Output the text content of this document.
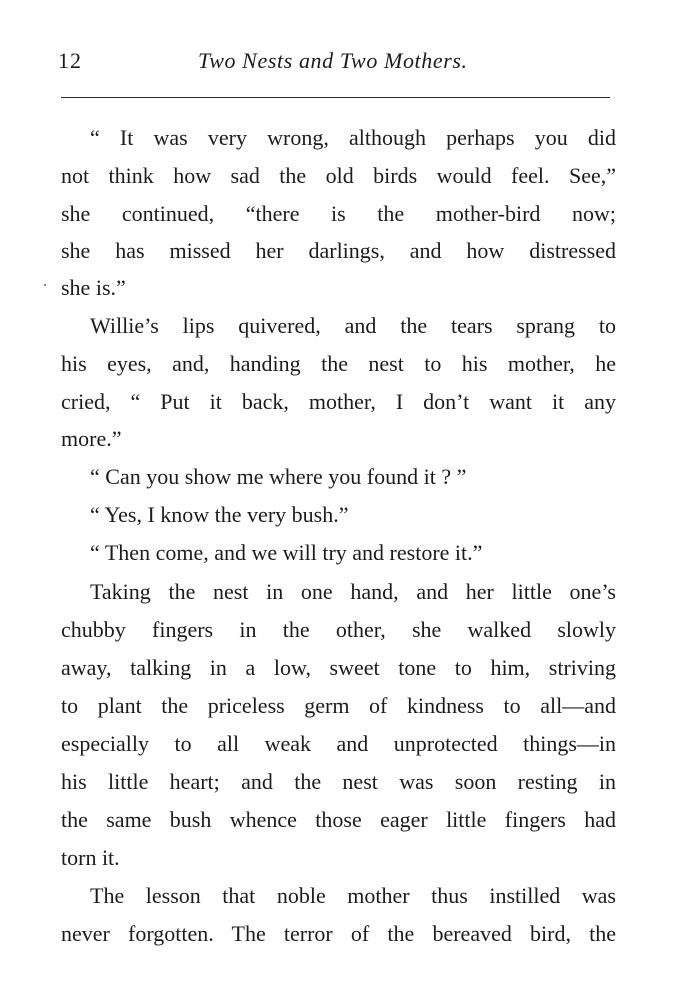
12	Two Nests and Two Mothers.
“ It was very wrong, although perhaps you did
not think how sad the old birds would feel. See,”
she continued, “there is the mother-bird now;
she has missed her darlings, and how distressed
she is.”
Willie’s lips quivered, and the tears sprang to
his eyes, and, handing the nest to his mother, he
cried, “ Put it back, mother, I don’t want it any
more.”
“ Can you show me where you found it ? ”
“ Yes, I know the very bush.”
“ Then come, and we will try and restore it.”
Taking the nest in one hand, and her little one’s
chubby fingers in the other, she walked slowly
away, talking in a low, sweet tone to him, striving
to plant the priceless germ of kindness to all—and
especially to all weak and unprotected things—in
his little heart; and the nest was soon resting in
the same bush whence those eager little fingers had
torn it.
The lesson that noble mother thus instilled was
never forgotten. The terror of the bereaved bird, the
